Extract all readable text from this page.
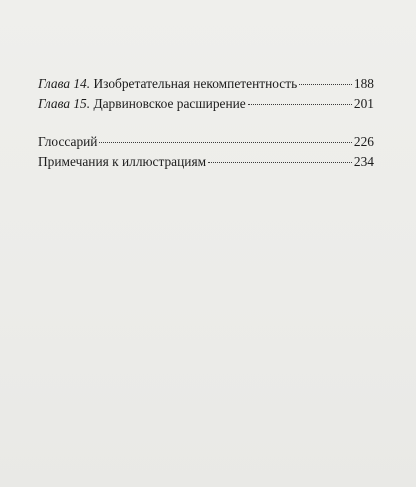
Глава 14. Изобретательная некомпетентность	188
Глава 15. Дарвиновское расширение	201
Глоссарий	226
Примечания к иллюстрациям	234
